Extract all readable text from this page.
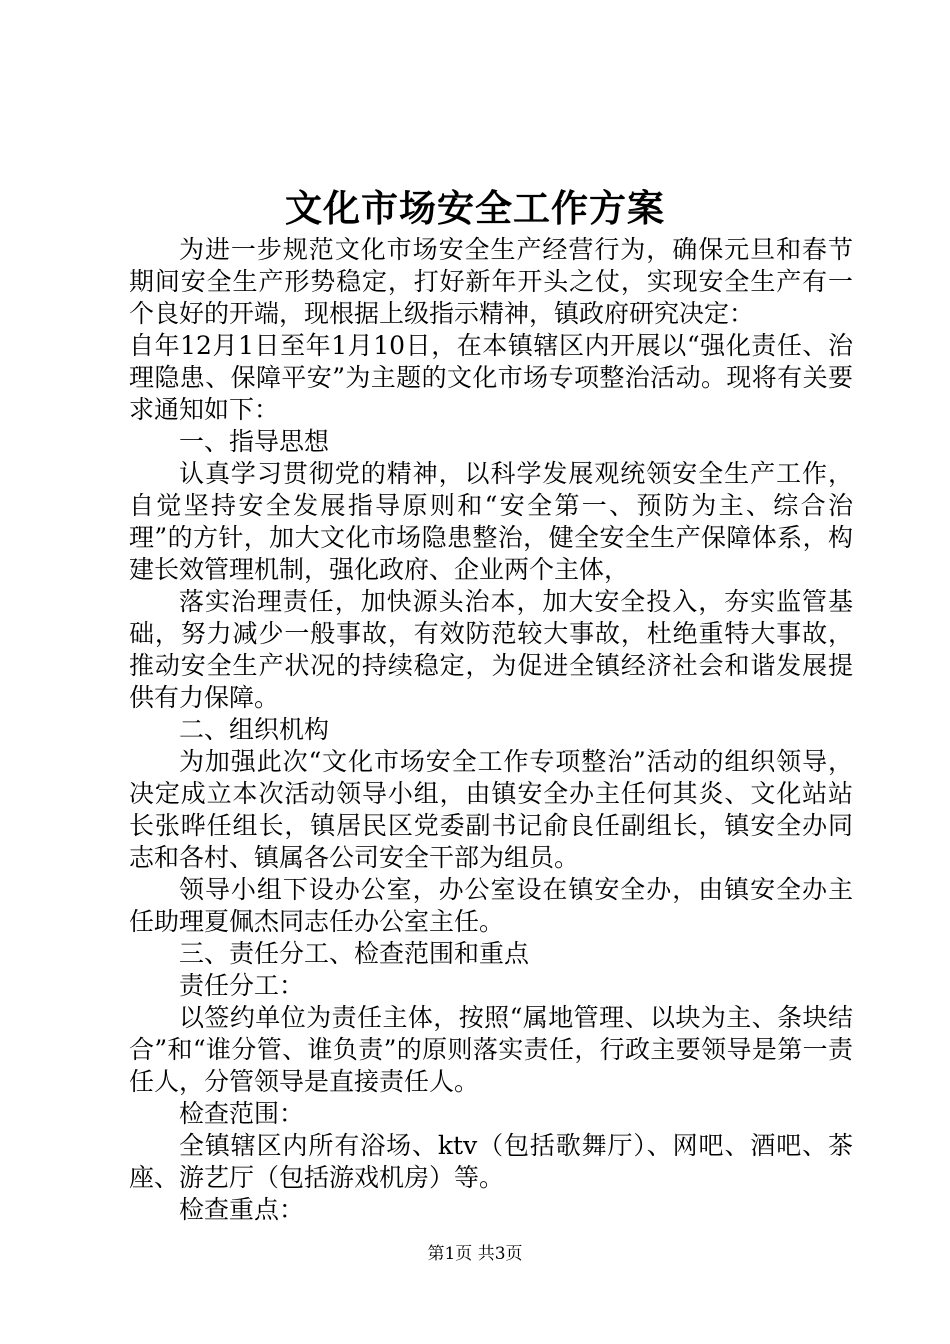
文化市场安全工作方案

为进一步规范文化市场安全生产经营行为，确保元旦和春节期间安全生产形势稳定，打好新年开头之仗，实现安全生产有一个良好的开端，现根据上级指示精神，镇政府研究决定：

自年12月1日至年1月10日，在本镇辖区内开展以“强化责任、治理隐患、保障平安”为主题的文化市场专项整治活动。现将有关要求通知如下：

一、指导思想

认真学习贯彻党的精神，以科学发展观统领安全生产工作，自觉坚持安全发展指导原则和“安全第一、预防为主、综合治理”的方针，加大文化市场隐患整治，健全安全生产保障体系，构建长效管理机制，强化政府、企业两个主体，

落实治理责任，加快源头治本，加大安全投入，夯实监管基础，努力减少一般事故，有效防范较大事故，杜绝重特大事故，推动安全生产状况的持续稳定，为促进全镇经济社会和谐发展提供有力保障。

二、组织机构

为加强此次“文化市场安全工作专项整治”活动的组织领导，决定成立本次活动领导小组，由镇安全办主任何其炎、文化站站长张晔任组长，镇居民区党委副书记俞良任副组长，镇安全办同志和各村、镇属各公司安全干部为组员。

领导小组下设办公室，办公室设在镇安全办，由镇安全办主任助理夏佩杰同志任办公室主任。

三、责任分工、检查范围和重点

责任分工：

以签约单位为责任主体，按照“属地管理、以块为主、条块结合”和“谁分管、谁负责”的原则落实责任，行政主要领导是第一责任人，分管领导是直接责任人。

检查范围：

全镇辖区内所有浴场、ktv（包括歌舞厅）、网吧、酒吧、茶座、游艺厅（包括游戏机房）等。

检查重点：

第1页 共3页
